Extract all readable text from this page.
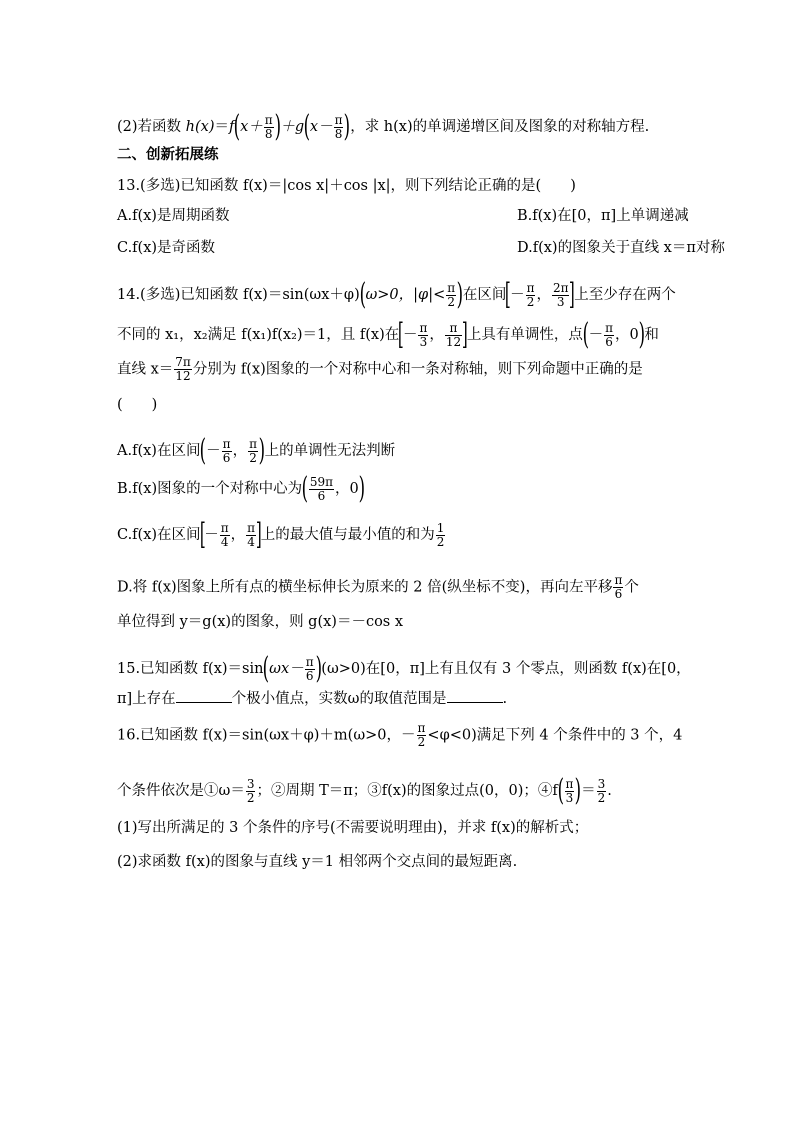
(2)若函数 $h(x)=f(x+ \frac{\pi}{8} )+g(x- \frac{\pi}{8}$ )，求 h(x)的单调递增区间及图象的对称轴方程.
二、创新拓展练
13.(多选)已知函数 f(x)＝|cos x|＋cos |x|，则下列结论正确的是(　　)
A.f(x)是周期函数	B.f(x)在[0，π]上单调递减
C.f(x)是奇函数	D.f(x)的图象关于直线 x＝π对称
14.(多选)已知函数 f(x)＝sin(ωx＋φ)(ω>0，$|\varphi|< \frac{\pi}{2}$ )在区间[－ $\frac{\pi}{2}$ ， $\frac{2\pi}{3}$ ]上至少存在两个
不同的 x₁，x₂满足 f(x₁)f(x₂)＝1，且 f(x)在[－ $\frac{\pi}{3}$ ， $\frac{\pi}{12}$ ]上具有单调性，点(－ $\frac{\pi}{6}$ ，0)和
直线 $x= \frac{7\pi}{12}$ 分别为 f(x)图象的一个对称中心和一条对称轴，则下列命题中正确的是
(　　)
A.f(x)在区间(－ $\frac{\pi}{6}$ ， $\frac{\pi}{2}$ )上的单调性无法判断
B.f(x)图象的一个对称中心为( $\frac{59\pi}{6}$ ，0)
C.f(x)在区间[－ $\frac{\pi}{4}$ ， $\frac{\pi}{4}$ ]上的最大值与最小值的和为 $\frac{1}{2}$
D.将 f(x)图象上所有点的横坐标伸长为原来的 2 倍(纵坐标不变)，再向左平移 $\frac{\pi}{6}$ 个
单位得到 y＝g(x)的图象，则 g(x)＝－cos x
15.已知函数 $f(x)=\sin(\omega x- \frac{\pi}{6} )(\omega>0)$在[0，π]上有且仅有 3 个零点，则函数 f(x)在[0，
π]上存在	个极小值点，实数ω的取值范围是	.
16.已知函数 f(x)＝sin(ωx＋φ)＋m(ω>0，－ $\frac{\pi}{2} <\varphi<0$)满足下列 4 个条件中的 3 个，4
个条件依次是①ω＝ $\frac{3}{2}$ ；②周期 T＝π；③f(x)的图象过点(0，0)；④f( $\frac{\pi}{3}$ )＝ $\frac{3}{2}$ .
(1)写出所满足的 3 个条件的序号(不需要说明理由)，并求 f(x)的解析式；
(2)求函数 f(x)的图象与直线 y＝1 相邻两个交点间的最短距离.
